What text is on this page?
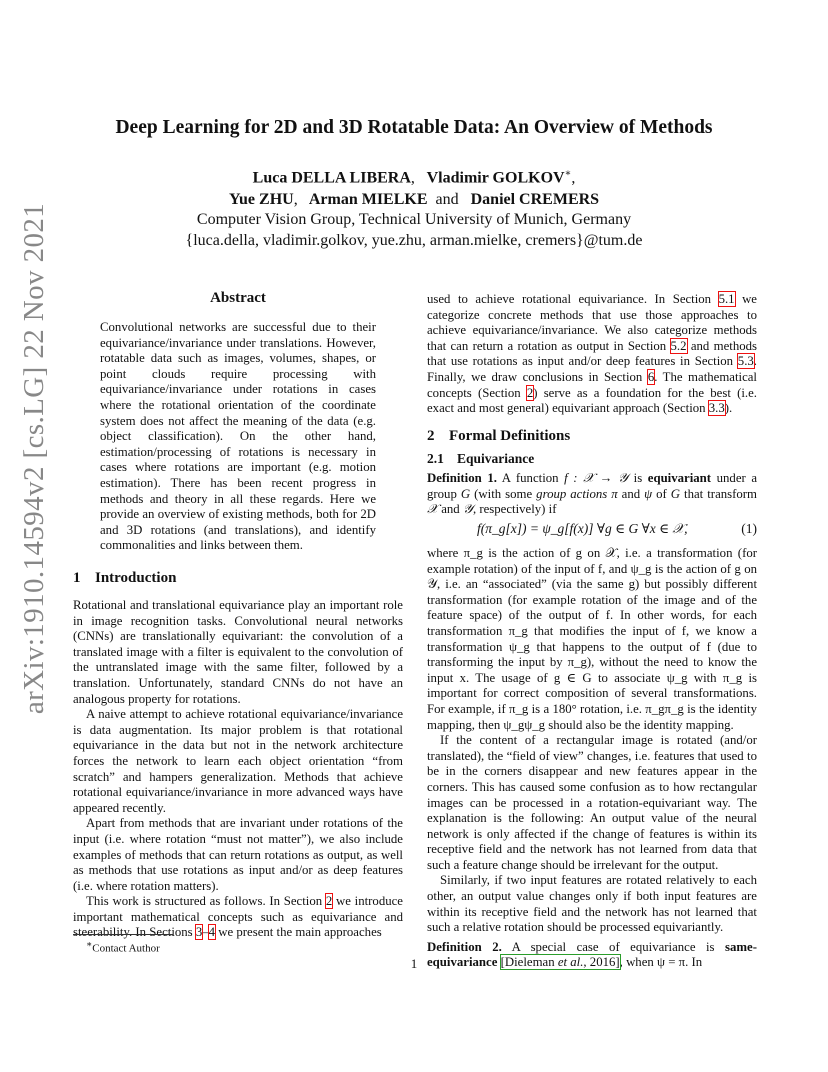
arXiv:1910.14594v2 [cs.LG] 22 Nov 2021
Deep Learning for 2D and 3D Rotatable Data: An Overview of Methods
Luca DELLA LIBERA,   Vladimir GOLKOV∗,
Yue ZHU,   Arman MIELKE and Daniel CREMERS
Computer Vision Group, Technical University of Munich, Germany
{luca.della, vladimir.golkov, yue.zhu, arman.mielke, cremers}@tum.de
Abstract
Convolutional networks are successful due to their equivariance/invariance under translations. However, rotatable data such as images, volumes, shapes, or point clouds require processing with equivariance/invariance under rotations in cases where the rotational orientation of the coordinate system does not affect the meaning of the data (e.g. object classification). On the other hand, estimation/processing of rotations is necessary in cases where rotations are important (e.g. motion estimation). There has been recent progress in methods and theory in all these regards. Here we provide an overview of existing methods, both for 2D and 3D rotations (and translations), and identify commonalities and links between them.
1 Introduction

Rotational and translational equivariance play an important role in image recognition tasks. Convolutional neural networks (CNNs) are translationally equivariant: the convolution of a translated image with a filter is equivalent to the convolution of the untranslated image with the same filter, followed by a translation. Unfortunately, standard CNNs do not have an analogous property for rotations.

A naive attempt to achieve rotational equivariance/invariance is data augmentation. Its major problem is that rotational equivariance in the data but not in the network architecture forces the network to learn each object orientation “from scratch” and hampers generalization. Methods that achieve rotational equivariance/invariance in more advanced ways have appeared recently.

Apart from methods that are invariant under rotations of the input (i.e. where rotation “must not matter”), we also include examples of methods that can return rotations as output, as well as methods that use rotations as input and/or as deep features (i.e. where rotation matters).

This work is structured as follows. In Section 2 we introduce important mathematical concepts such as equivariance and steerability. In Sections 3–4 we present the main approaches

∗Contact Author

used to achieve rotational equivariance. In Section 5.1 we categorize concrete methods that use those approaches to achieve equivariance/invariance. We also categorize methods that can return a rotation as output in Section 5.2 and methods that use rotations as input and/or deep features in Section 5.3. Finally, we draw conclusions in Section 6. The mathematical concepts (Section 2) serve as a foundation for the best (i.e. exact and most general) equivariant approach (Section 3.3).

2 Formal Definitions
2.1 Equivariance

Definition 1. A function f : 𝒳 → 𝒴 is equivariant under a group G (with some group actions π and ψ of G that transform 𝒳 and 𝒴, respectively) if

f(π_g[x]) = ψ_g[f(x)] ∀g ∈ G ∀x ∈ 𝒳,	(1)

where π_g is the action of g on 𝒳, i.e. a transformation (for example rotation) of the input of f, and ψ_g is the action of g on 𝒴, i.e. an “associated” (via the same g) but possibly different transformation (for example rotation of the image and of the feature space) of the output of f. In other words, for each transformation π_g that modifies the input of f, we know a transformation ψ_g that happens to the output of f (due to transforming the input by π_g), without the need to know the input x. The usage of g ∈ G to associate ψ_g with π_g is important for correct composition of several transformations. For example, if π_g is a 180° rotation, i.e. π_gπ_g is the identity mapping, then ψ_gψ_g should also be the identity mapping.

If the content of a rectangular image is rotated (and/or translated), the “field of view” changes, i.e. features that used to be in the corners disappear and new features appear in the corners. This has caused some confusion as to how rectangular images can be processed in a rotation-equivariant way. The explanation is the following: An output value of the neural network is only affected if the change of features is within its receptive field and the network has not learned from data that such a feature change should be irrelevant for the output.

Similarly, if two input features are rotated relatively to each other, an output value changes only if both input features are within its receptive field and the network has not learned that such a relative rotation should be processed equivariantly.

Definition 2. A special case of equivariance is same-equivariance [Dieleman et al., 2016], when ψ = π. In

1
